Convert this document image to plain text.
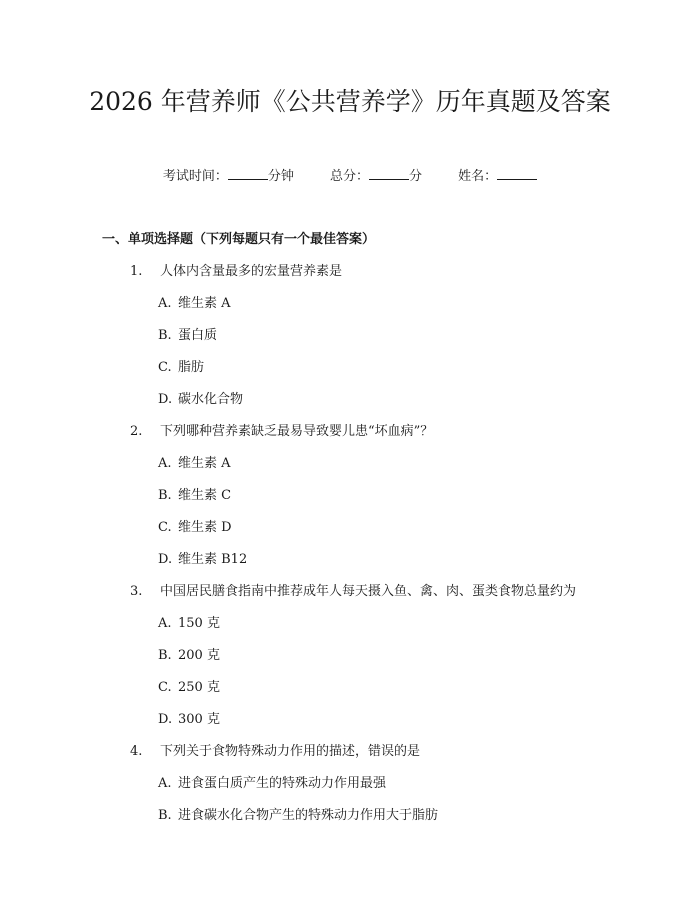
2026 年营养师《公共营养学》历年真题及答案
考试时间：	分钟	总分：	分	姓名：
一、单项选择题（下列每题只有一个最佳答案）
1. 人体内含量最多的宏量营养素是
A. 维生素 A
B. 蛋白质
C. 脂肪
D. 碳水化合物
2. 下列哪种营养素缺乏最易导致婴儿患“坏血病”？
A. 维生素 A
B. 维生素 C
C. 维生素 D
D. 维生素 B12
3. 中国居民膳食指南中推荐成年人每天摄入鱼、禽、肉、蛋类食物总量约为
A. 150 克
B. 200 克
C. 250 克
D. 300 克
4. 下列关于食物特殊动力作用的描述，错误的是
A. 进食蛋白质产生的特殊动力作用最强
B. 进食碳水化合物产生的特殊动力作用大于脂肪
